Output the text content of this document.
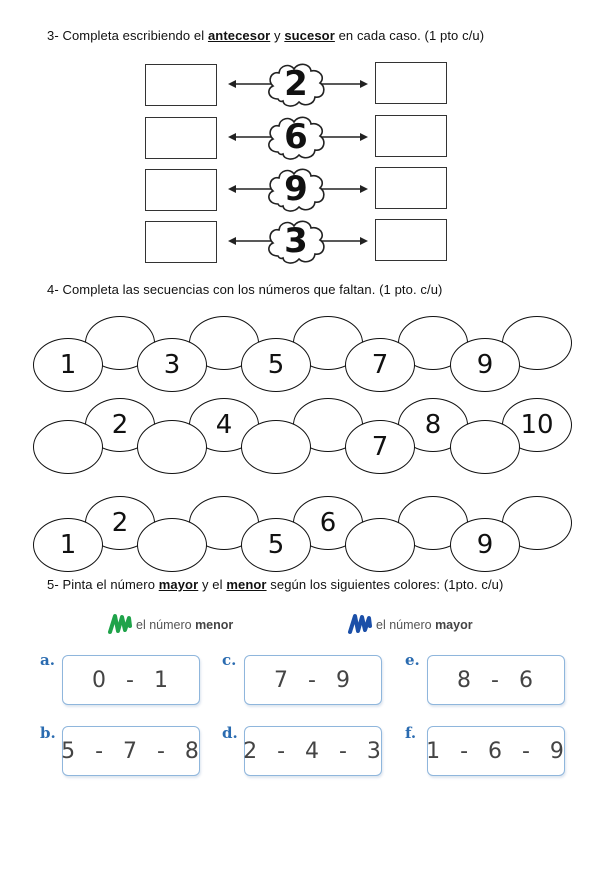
3- Completa escribiendo el antecesor y sucesor en cada caso. (1 pto c/u)
2
6
9
3
4- Completa las secuencias con los números que faltan. (1 pto. c/u)
1	3	5	7	9
2	4	8	10
7
2	6
1	5	9
5- Pinta el número mayor y el menor según los siguientes colores: (1pto. c/u)
el número menor	el número mayor
a.
0  -  1
c.
7  -  9
e.
8  -  6
b.
5  -  7  -  8
d.
2  -  4  -  3
f.
1  -  6  -  9
